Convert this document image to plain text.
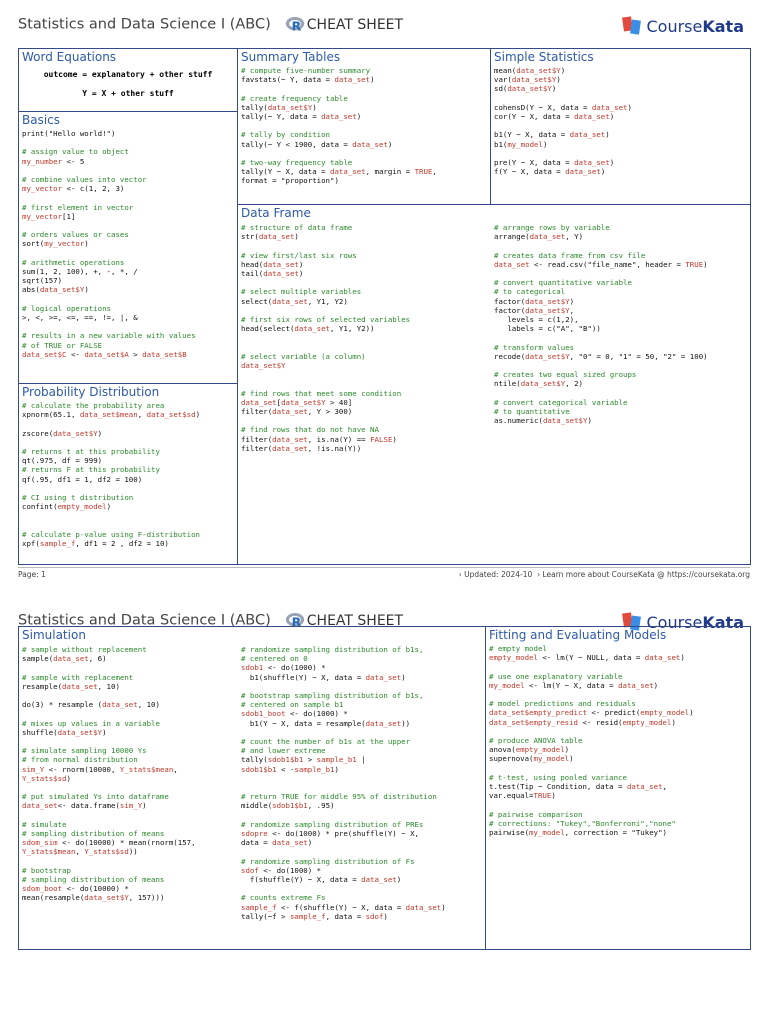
Statistics and Data Science I (ABC) R CHEAT SHEET	Course Kata
Word Equations
outcome = explanatory + other stuff
Y = X + other stuff
Basics
print("Hello world!")

# assign value to object
my_number <- 5

# combine values into vector
my_vector <- c(1, 2, 3)

# first element in vector
my_vector[1]

# orders values or cases
sort(my_vector)

# arithmetic operations
sum(1, 2, 100), +, -, *, /
sqrt(157)
abs(data_set$Y)

# logical operations
>, <, >=, <=, ==, !=, |, &

# results in a new variable with values
# of TRUE or FALSE
data_set$C <- data_set$A > data_set$B
Probability Distribution
# calculate the probability area
xpnorm(65.1, data_set$mean, data_set$sd)

zscore(data_set$Y)

# returns t at this probability
qt(.975, df = 999)
# returns F at this probability
qf(.95, df1 = 1, df2 = 100)

# CI using t distribution
confint(empty_model)

# calculate p-value using F-distribution
xpf(sample_f, df1 = 2 , df2 = 10)
Summary Tables
# compute five-number summary
favstats(~ Y, data = data_set)

# create frequency table
tally(data_set$Y)
tally(~ Y, data = data_set)

# tally by condition
tally(~ Y < 1900, data = data_set)

# two-way frequency table
tally(Y ~ X, data = data_set, margin = TRUE,
format = "proportion")
Simple Statistics
mean(data_set$Y)
var(data_set$Y)
sd(data_set$Y)

cohensD(Y ~ X, data = data_set)
cor(Y ~ X, data = data_set)

b1(Y ~ X, data = data_set)
b1(my_model)

pre(Y ~ X, data = data_set)
f(Y ~ X, data = data_set)
Data Frame
# structure of data frame
str(data_set)

# view first/last six rows
head(data_set)
tail(data_set)

# select multiple variables
select(data_set, Y1, Y2)

# first six rows of selected variables
head(select(data_set, Y1, Y2))

# select variable (a column)
data_set$Y

# find rows that meet some condition
data_set[data_set$Y > 40]
filter(data_set, Y > 300)

# find rows that do not have NA
filter(data_set, is.na(Y) == FALSE)
filter(data_set, !is.na(Y))
# arrange rows by variable
arrange(data_set, Y)

# creates data frame from csv file
data_set <- read.csv("file_name", header = TRUE)

# convert quantitative variable
# to categorical
factor(data_set$Y)
factor(data_set$Y,
levels = c(1,2),
labels = c("A", "B"))

# transform values
recode(data_set$Y, "0" = 0, "1" = 50, "2" = 100)

# creates two equal sized groups
ntile(data_set$Y, 2)

# convert categorical variable
# to quantitative
as.numeric(data_set$Y)
Page: 1	› Updated: 2024-10 › Learn more about CourseKata @ https://coursekata.org
Statistics and Data Science I (ABC) R CHEAT SHEET	Course Kata
Simulation
# sample without replacement
sample(data_set, 6)

# sample with replacement
resample(data_set, 10)

do(3) * resample (data_set, 10)

# mixes up values in a variable
shuffle(data_set$Y)

# simulate sampling 10000 Ys
# from normal distribution
sim_Y <- rnorm(10000, Y_stats$mean,
Y_stats$sd)

# put simulated Ys into dataframe
data_set<- data.frame(sim_Y)

# simulate
# sampling distribution of means
sdom_sim <- do(10000) * mean(rnorm(157,
Y_stats$mean, Y_stats$sd))

# bootstrap
# sampling distribution of means
sdom_boot <- do(10000) *
mean(resample(data_set$Y, 157)))
# randomize sampling distribution of b1s,
# centered on 0
sdob1 <- do(1000) *
b1(shuffle(Y) ~ X, data = data_set)

# bootstrap sampling distribution of b1s,
# centered on sample b1
sdob1_boot <- do(1000) *
b1(Y ~ X, data = resample(data_set))

# count the number of b1s at the upper
# and lower extreme
tally(sdob1$b1 > sample_b1 |
sdob1$b1 < -sample_b1)

# return TRUE for middle 95% of distribution
middle(sdob1$b1, .95)

# randomize sampling distribution of PREs
sdopre <- do(1000) * pre(shuffle(Y) ~ X,
data = data_set)

# randomize sampling distribution of Fs
sdof <- do(1000) *
f(shuffle(Y) ~ X, data = data_set)

# counts extreme Fs
sample_f <- f(shuffle(Y) ~ X, data = data_set)
tally(~f > sample_f, data = sdof)
Fitting and Evaluating Models
# empty model
empty_model <- lm(Y ~ NULL, data = data_set)

# use one explanatory variable
my_model <- lm(Y ~ X, data = data_set)

# model predictions and residuals
data_set$empty_predict <- predict(empty_model)
data_set$empty_resid <- resid(empty_model)

# produce ANOVA table
anova(empty_model)
supernova(my_model)

# t-test, using pooled variance
t.test(Tip ~ Condition, data = data_set,
var.equal=TRUE)

# pairwise comparison
# corrections: "Tukey","Bonferroni","none"
pairwise(my_model, correction = "Tukey")
